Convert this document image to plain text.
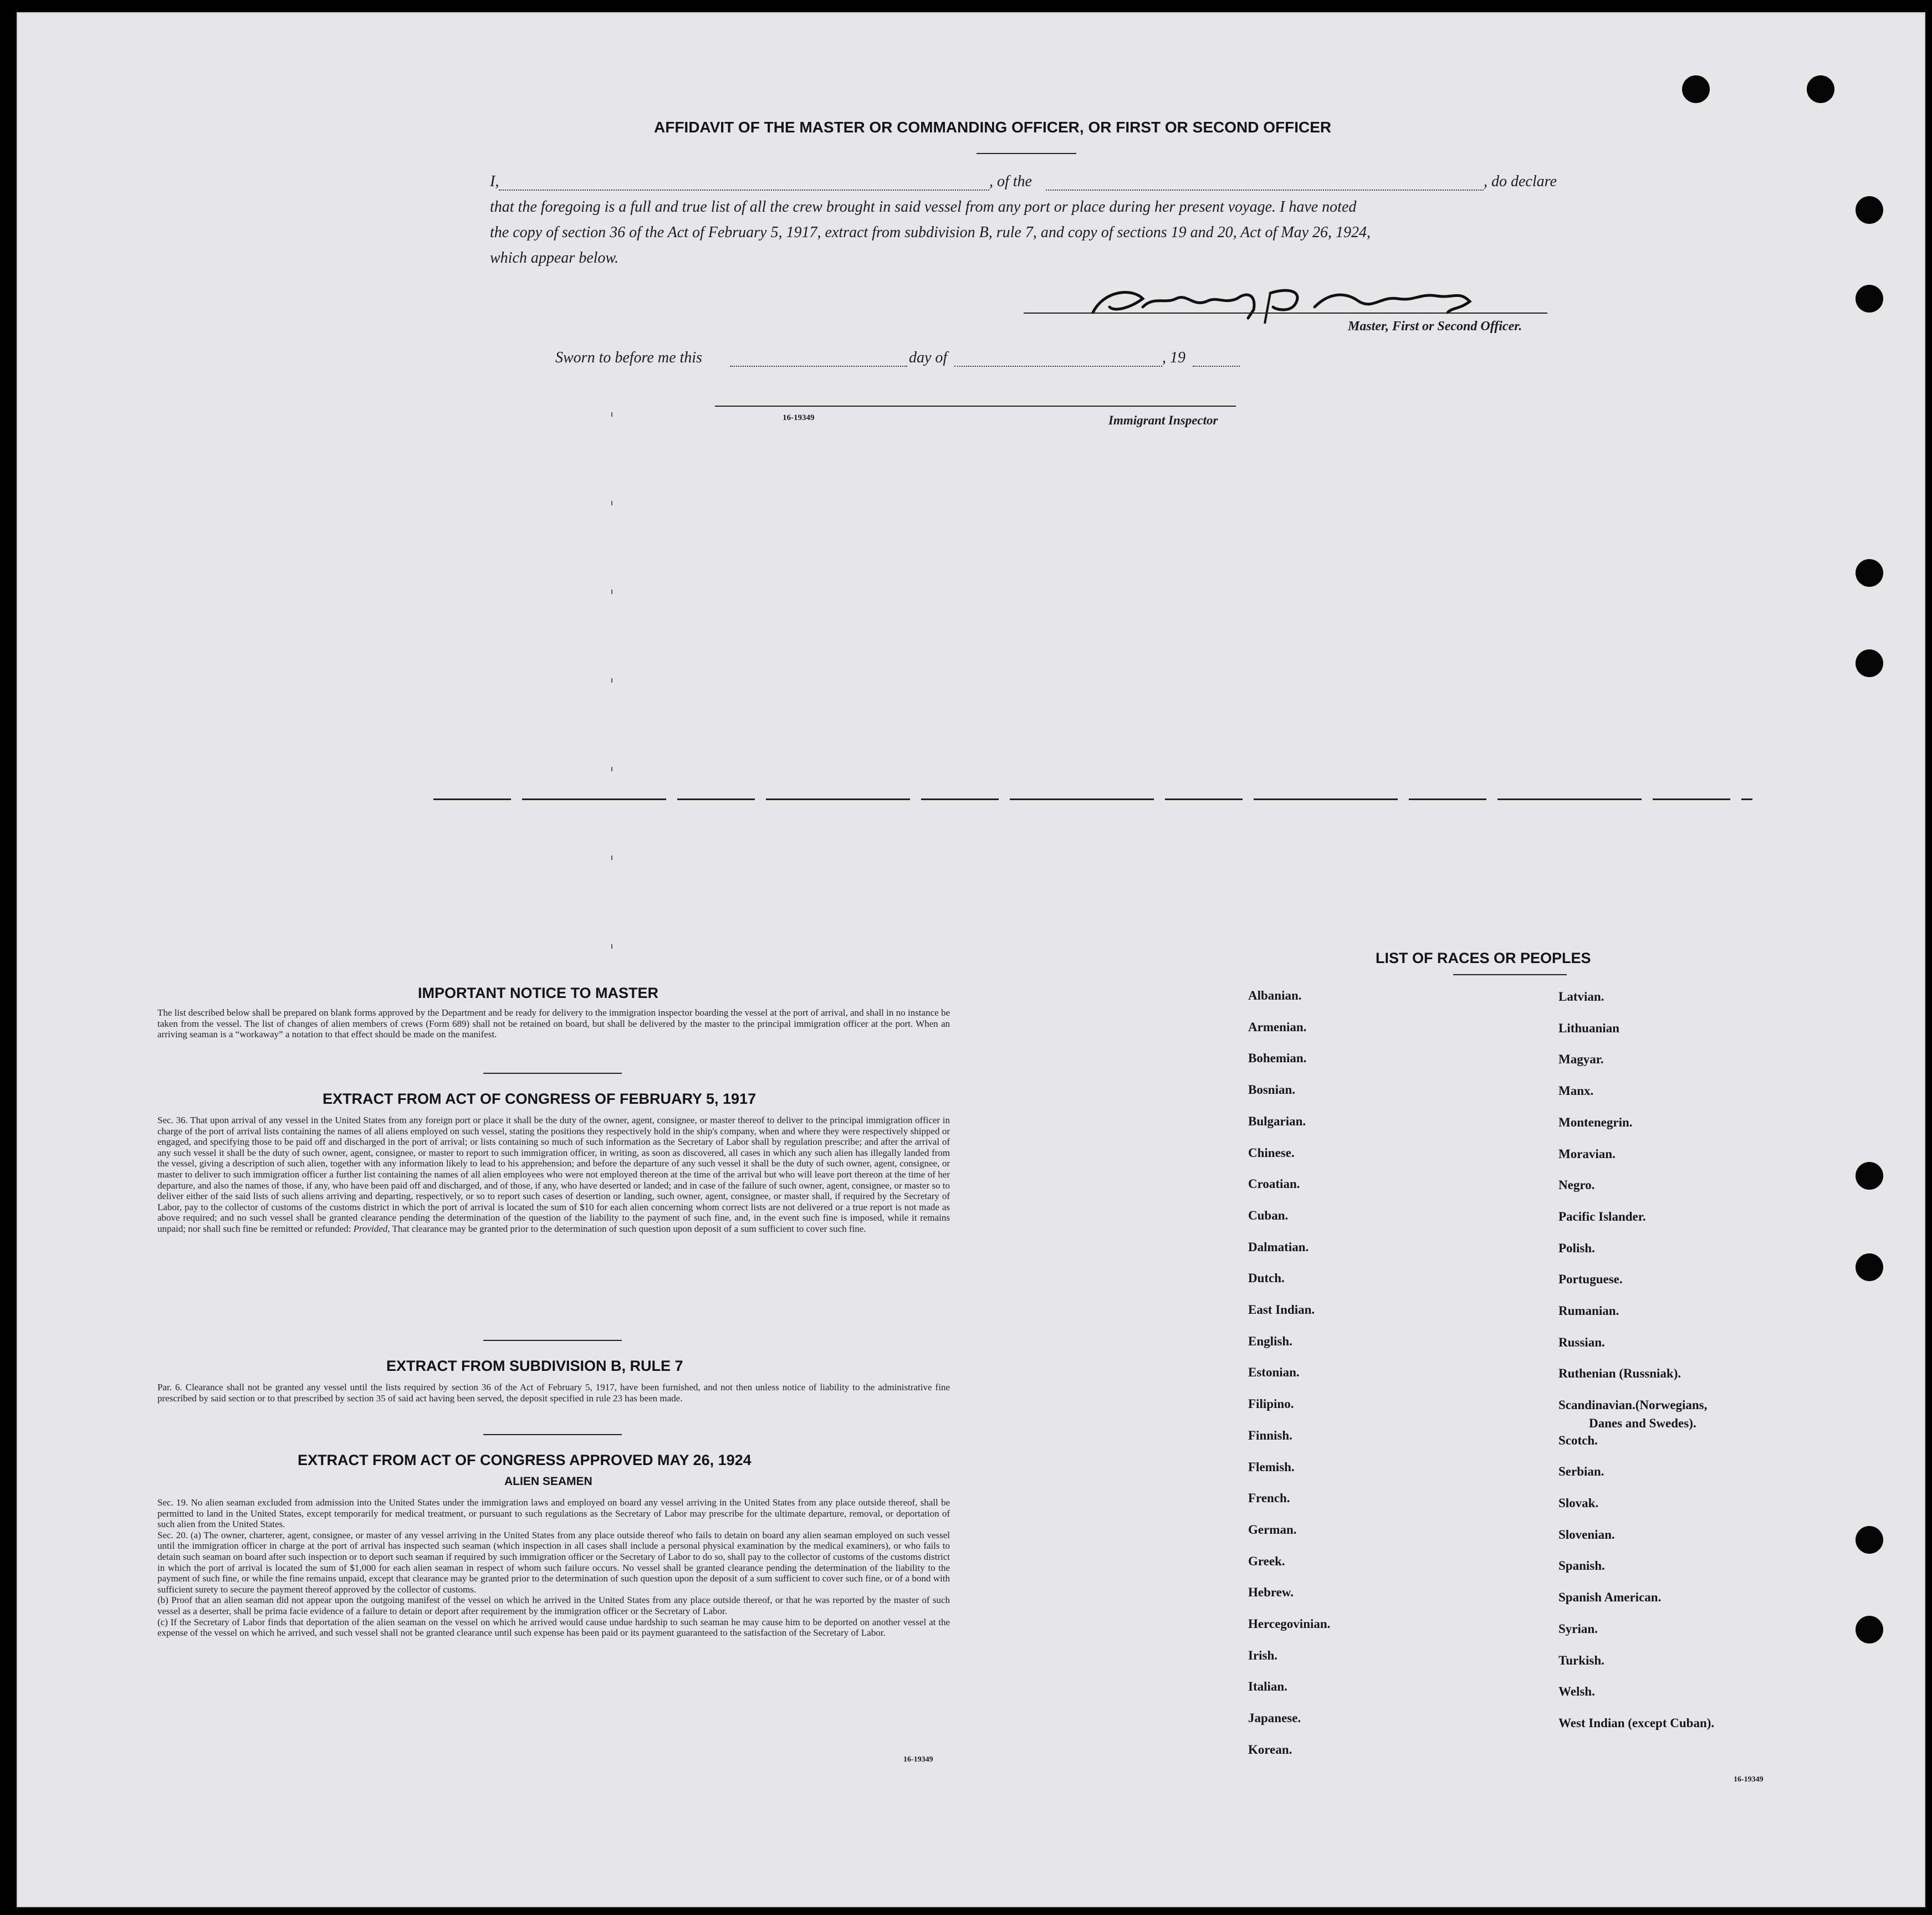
AFFIDAVIT OF THE MASTER OR COMMANDING OFFICER, OR FIRST OR SECOND OFFICER
I,	, of the	, do declare
that the foregoing is a full and true list of all the crew brought in said vessel from any port or place during her present voyage. I have noted
the copy of section 36 of the Act of February 5, 1917, extract from subdivision B, rule 7, and copy of sections 19 and 20, Act of May 26, 1924,
which appear below.
Master, First or Second Officer.
Sworn to before me this	day of	, 19
16-19349	Immigrant Inspector
IMPORTANT NOTICE TO MASTER
The list described below shall be prepared on blank forms approved by the Department and be ready for delivery to the immigration inspector boarding the vessel at the port of arrival, and shall in no instance be taken from the vessel. The list of changes of alien members of crews (Form 689) shall not be retained on board, but shall be delivered by the master to the principal immigration officer at the port. When an arriving seaman is a “workaway” a notation to that effect should be made on the manifest.
EXTRACT FROM ACT OF CONGRESS OF FEBRUARY 5, 1917
Sec. 36. That upon arrival of any vessel in the United States from any foreign port or place it shall be the duty of the owner, agent, consignee, or master thereof to deliver to the principal immigration officer in charge of the port of arrival lists containing the names of all aliens employed on such vessel, stating the positions they respectively hold in the ship's company, when and where they were respectively shipped or engaged, and specifying those to be paid off and discharged in the port of arrival; or lists containing so much of such information as the Secretary of Labor shall by regulation prescribe; and after the arrival of any such vessel it shall be the duty of such owner, agent, consignee, or master to report to such immigration officer, in writing, as soon as discovered, all cases in which any such alien has illegally landed from the vessel, giving a description of such alien, together with any information likely to lead to his apprehension; and before the departure of any such vessel it shall be the duty of such owner, agent, consignee, or master to deliver to such immigration officer a further list containing the names of all alien employees who were not employed thereon at the time of the arrival but who will leave port thereon at the time of her departure, and also the names of those, if any, who have been paid off and discharged, and of those, if any, who have deserted or landed; and in case of the failure of such owner, agent, consignee, or master so to deliver either of the said lists of such aliens arriving and departing, respectively, or so to report such cases of desertion or landing, such owner, agent, consignee, or master shall, if required by the Secretary of Labor, pay to the collector of customs of the customs district in which the port of arrival is located the sum of $10 for each alien concerning whom correct lists are not delivered or a true report is not made as above required; and no such vessel shall be granted clearance pending the determination of the question of the liability to the payment of such fine, and, in the event such fine is imposed, while it remains unpaid; nor shall such fine be remitted or refunded: Provided, That clearance may be granted prior to the determination of such question upon deposit of a sum sufficient to cover such fine.
EXTRACT FROM SUBDIVISION B, RULE 7
Par. 6. Clearance shall not be granted any vessel until the lists required by section 36 of the Act of February 5, 1917, have been furnished, and not then unless notice of liability to the administrative fine prescribed by said section or to that prescribed by section 35 of said act having been served, the deposit specified in rule 23 has been made.
EXTRACT FROM ACT OF CONGRESS APPROVED MAY 26, 1924
ALIEN SEAMEN
Sec. 19. No alien seaman excluded from admission into the United States under the immigration laws and employed on board any vessel arriving in the United States from any place outside thereof, shall be permitted to land in the United States, except temporarily for medical treatment, or pursuant to such regulations as the Secretary of Labor may prescribe for the ultimate departure, removal, or deportation of such alien from the United States.
Sec. 20. (a) The owner, charterer, agent, consignee, or master of any vessel arriving in the United States from any place outside thereof who fails to detain on board any alien seaman employed on such vessel until the immigration officer in charge at the port of arrival has inspected such seaman (which inspection in all cases shall include a personal physical examination by the medical examiners), or who fails to detain such seaman on board after such inspection or to deport such seaman if required by such immigration officer or the Secretary of Labor to do so, shall pay to the collector of customs of the customs district in which the port of arrival is located the sum of $1,000 for each alien seaman in respect of whom such failure occurs. No vessel shall be granted clearance pending the determination of the liability to the payment of such fine, or while the fine remains unpaid, except that clearance may be granted prior to the determination of such question upon the deposit of a sum sufficient to cover such fine, or of a bond with sufficient surety to secure the payment thereof approved by the collector of customs.
(b) Proof that an alien seaman did not appear upon the outgoing manifest of the vessel on which he arrived in the United States from any place outside thereof, or that he was reported by the master of such vessel as a deserter, shall be prima facie evidence of a failure to detain or deport after requirement by the immigration officer or the Secretary of Labor.
(c) If the Secretary of Labor finds that deportation of the alien seaman on the vessel on which he arrived would cause undue hardship to such seaman he may cause him to be deported on another vessel at the expense of the vessel on which he arrived, and such vessel shall not be granted clearance until such expense has been paid or its payment guaranteed to the satisfaction of the Secretary of Labor.
16-19349
LIST OF RACES OR PEOPLES
Danes and Swedes).
16-19349
Albanian.
Armenian.
Bohemian.
Bosnian.
Bulgarian.
Chinese.
Croatian.
Cuban.
Dalmatian.
Dutch.
East Indian.
English.
Estonian.
Filipino.
Finnish.
Flemish.
French.
German.
Greek.
Hebrew.
Hercegovinian.
Irish.
Italian.
Japanese.
Korean.
Latvian.
Lithuanian
Magyar.
Manx.
Montenegrin.
Moravian.
Negro.
Pacific Islander.
Polish.
Portuguese.
Rumanian.
Russian.
Ruthenian (Russniak).
Scandinavian.(Norwegians,
Scotch.
Serbian.
Slovak.
Slovenian.
Spanish.
Spanish American.
Syrian.
Turkish.
Welsh.
West Indian (except Cuban).
